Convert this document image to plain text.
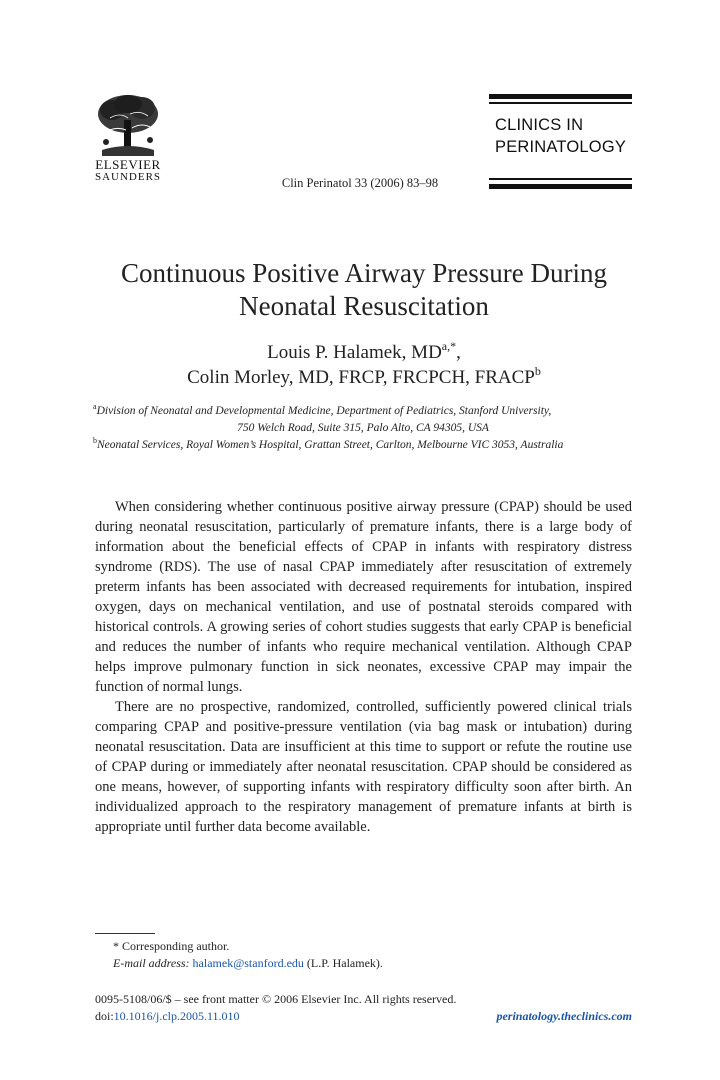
ELSEVIER
SAUNDERS
CLINICS IN
PERINATOLOGY
Clin Perinatol 33 (2006) 83–98
Continuous Positive Airway Pressure During
Neonatal Resuscitation
Louis P. Halamek, $MD^{a,*}$,
Colin Morley, MD, FRCP, FRCPCH, FRACP$^b$
$^a$Division of Neonatal and Developmental Medicine, Department of Pediatrics, Stanford University,
750 Welch Road, Suite 315, Palo Alto, CA 94305, USA
$^b$Neonatal Services, Royal Women’s Hospital, Grattan Street, Carlton, Melbourne VIC 3053, Australia

When considering whether continuous positive airway pressure (CPAP) should be used during neonatal resuscitation, particularly of premature infants, there is a large body of information about the beneficial effects of CPAP in infants with respiratory distress syndrome (RDS). The use of nasal CPAP immediately after resuscitation of extremely preterm infants has been associated with decreased requirements for intubation, inspired oxygen, days on mechanical ventilation, and use of postnatal steroids compared with historical controls. A growing series of cohort studies suggests that early CPAP is beneficial and reduces the number of infants who require mechanical ventilation. Although CPAP helps improve pulmonary function in sick neonates, excessive CPAP may impair the function of normal lungs.

There are no prospective, randomized, controlled, sufficiently powered clinical trials comparing CPAP and positive-pressure ventilation (via bag mask or intubation) during neonatal resuscitation. Data are insufficient at this time to support or refute the routine use of CPAP during or immediately after neonatal resuscitation. CPAP should be considered as one means, however, of supporting infants with respiratory difficulty soon after birth. An individualized approach to the respiratory management of premature infants at birth is appropriate until further data become available.

* Corresponding author.
E-mail address: halamek@stanford.edu (L.P. Halamek).
0095-5108/06/$ – see front matter © 2006 Elsevier Inc. All rights reserved.
doi:10.1016/j.clp.2005.11.010	perinatology.theclinics.com
